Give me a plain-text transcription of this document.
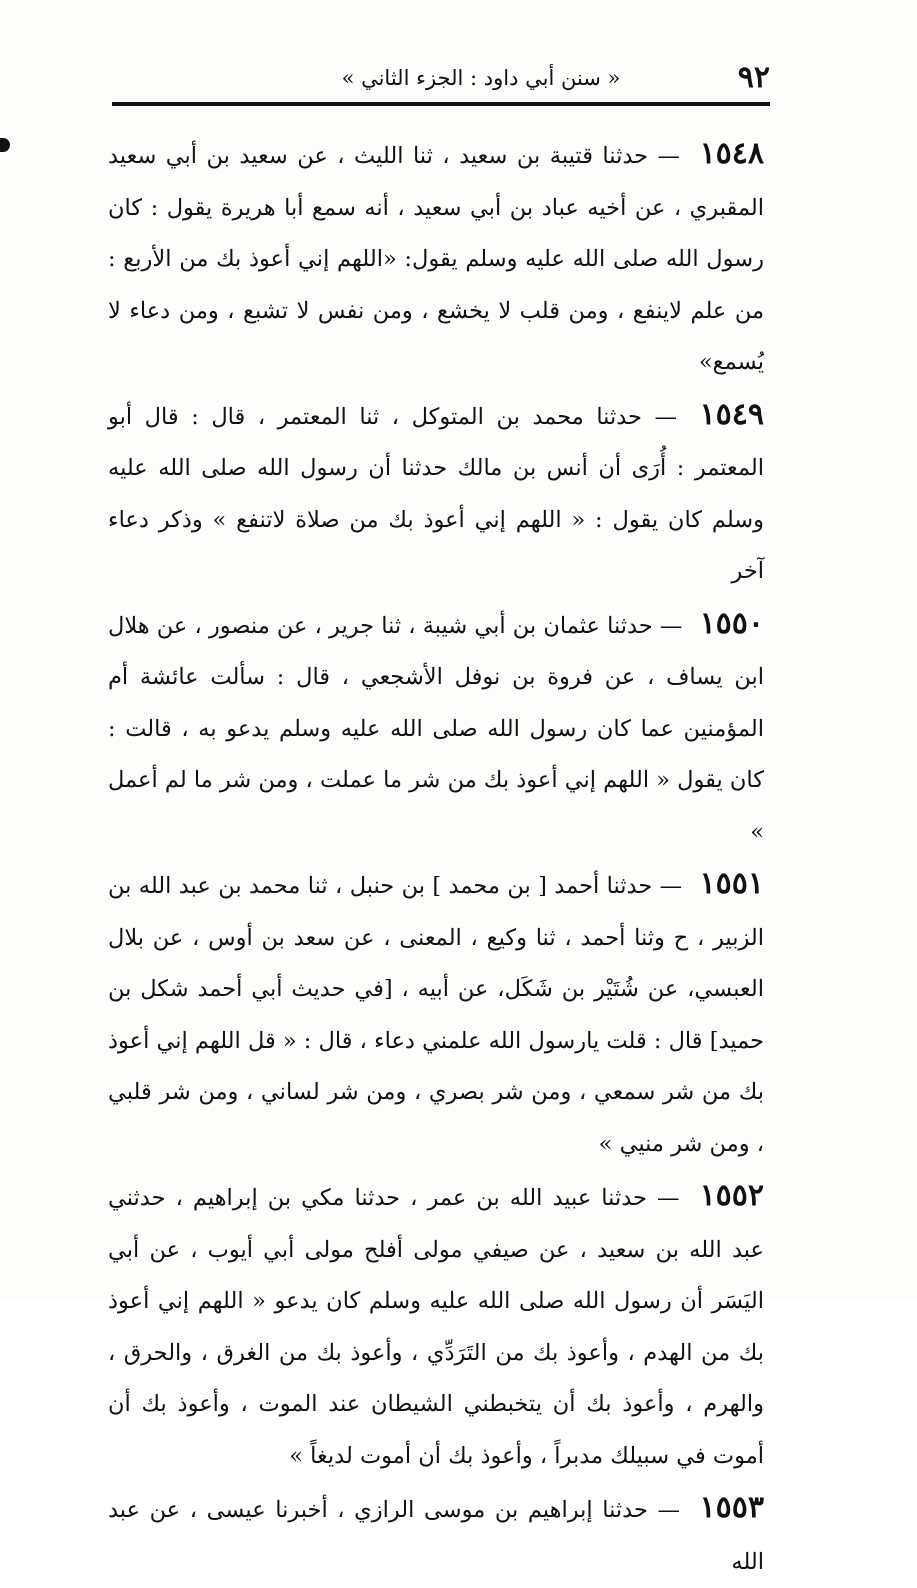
٩٢
« سنن أبي داود : الجزء الثاني »

١٥٤٨ — حدثنا قتيبة بن سعيد ، ثنا الليث ، عن سعيد بن أبي سعيد المقبري ، عن أخيه عباد بن أبي سعيد ، أنه سمع أبا هريرة يقول : كان رسول الله صلى الله عليه وسلم يقول: «اللهم إني أعوذ بك من الأربع : من علم لاينفع ، ومن قلب لا يخشع ، ومن نفس لا تشبع ، ومن دعاء لا يُسمع»

١٥٤٩ — حدثنا محمد بن المتوكل ، ثنا المعتمر ، قال : قال أبو المعتمر : أُرَى أن أنس بن مالك حدثنا أن رسول الله صلى الله عليه وسلم كان يقول : « اللهم إني أعوذ بك من صلاة لاتنفع » وذكر دعاء آخر

١٥٥٠ — حدثنا عثمان بن أبي شيبة ، ثنا جرير ، عن منصور ، عن هلال ابن يساف ، عن فروة بن نوفل الأشجعي ، قال : سألت عائشة أم المؤمنين عما كان رسول الله صلى الله عليه وسلم يدعو به ، قالت : كان يقول « اللهم إني أعوذ بك من شر ما عملت ، ومن شر ما لم أعمل »

١٥٥١ — حدثنا أحمد [ بن محمد ] بن حنبل ، ثنا محمد بن عبد الله بن الزبير ، ح وثنا أحمد ، ثنا وكيع ، المعنى ، عن سعد بن أوس ، عن بلال العبسي، عن شُتَيْر بن شَكَل، عن أبيه ، [في حديث أبي أحمد شكل بن حميد] قال : قلت يارسول الله علمني دعاء ، قال : « قل اللهم إني أعوذ بك من شر سمعي ، ومن شر بصري ، ومن شر لساني ، ومن شر قلبي ، ومن شر منيي »

١٥٥٢ — حدثنا عبيد الله بن عمر ، حدثنا مكي بن إبراهيم ، حدثني عبد الله بن سعيد ، عن صيفي مولى أفلح مولى أبي أيوب ، عن أبي اليَسَر أن رسول الله صلى الله عليه وسلم كان يدعو « اللهم إني أعوذ بك من الهدم ، وأعوذ بك من التَرَدِّي ، وأعوذ بك من الغرق ، والحرق ، والهرم ، وأعوذ بك أن يتخبطني الشيطان عند الموت ، وأعوذ بك أن أموت في سبيلك مدبراً ، وأعوذ بك أن أموت لديغاً »

١٥٥٣ — حدثنا إبراهيم بن موسى الرازي ، أخبرنا عيسى ، عن عبد الله
